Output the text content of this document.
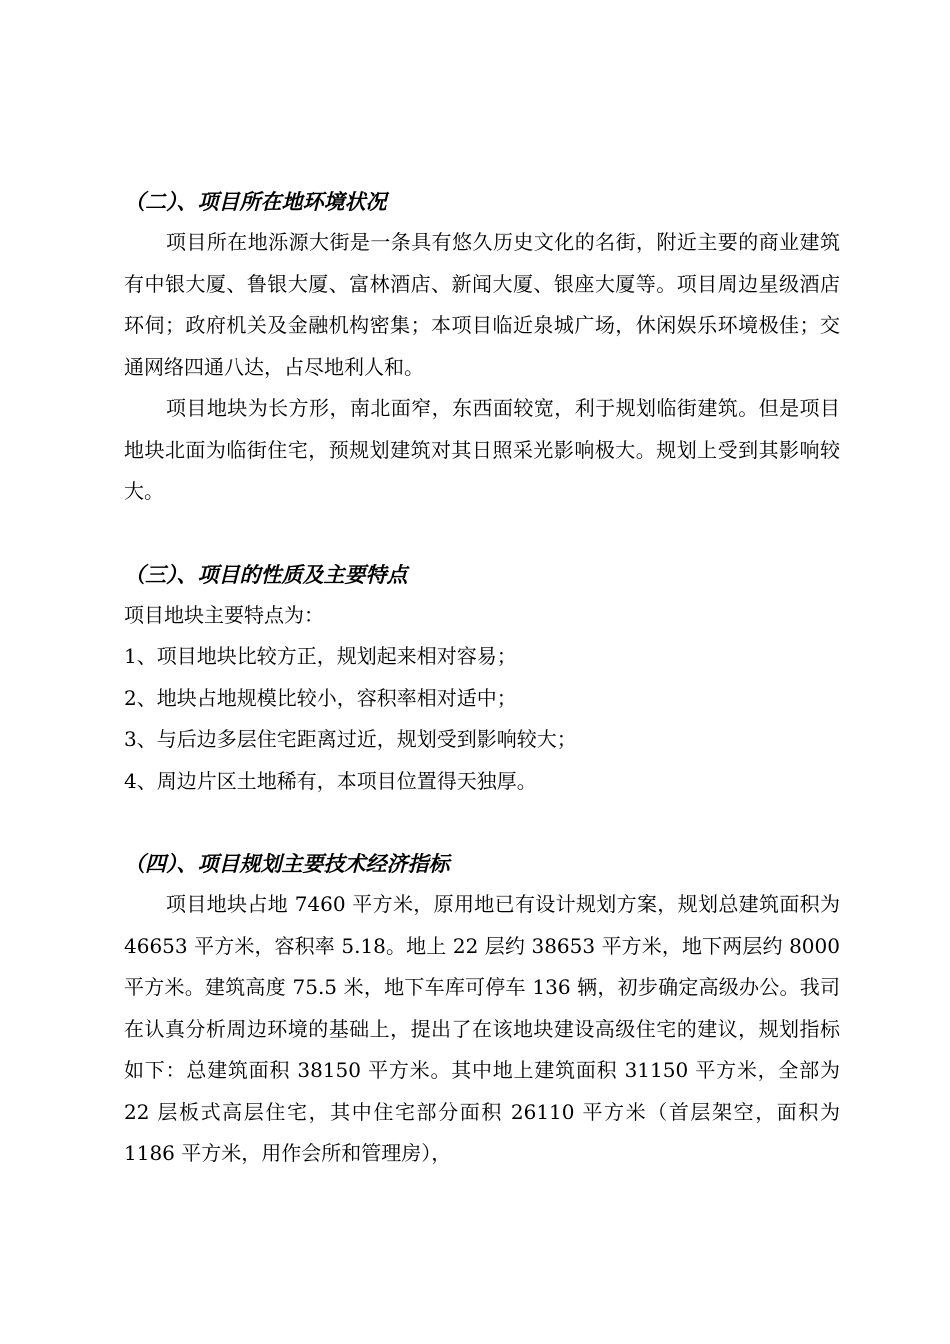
（二）、项目所在地环境状况

项目所在地泺源大街是一条具有悠久历史文化的名街，附近主要的商业建筑有中银大厦、鲁银大厦、富林酒店、新闻大厦、银座大厦等。项目周边星级酒店环伺；政府机关及金融机构密集；本项目临近泉城广场，休闲娱乐环境极佳；交通网络四通八达，占尽地利人和。

项目地块为长方形，南北面窄，东西面较宽，利于规划临街建筑。但是项目地块北面为临街住宅，预规划建筑对其日照采光影响极大。规划上受到其影响较大。

（三）、项目的性质及主要特点

项目地块主要特点为：

1、项目地块比较方正，规划起来相对容易；

2、地块占地规模比较小，容积率相对适中；

3、与后边多层住宅距离过近，规划受到影响较大；

4、周边片区土地稀有，本项目位置得天独厚。

（四）、项目规划主要技术经济指标

项目地块占地 7460 平方米，原用地已有设计规划方案，规划总建筑面积为 46653 平方米，容积率 5.18。地上 22 层约 38653 平方米，地下两层约 8000 平方米。建筑高度 75.5 米，地下车库可停车 136 辆，初步确定高级办公。我司在认真分析周边环境的基础上，提出了在该地块建设高级住宅的建议，规划指标如下：总建筑面积 38150 平方米。其中地上建筑面积 31150 平方米，全部为 22 层板式高层住宅，其中住宅部分面积 26110 平方米（首层架空，面积为 1186 平方米，用作会所和管理房），
